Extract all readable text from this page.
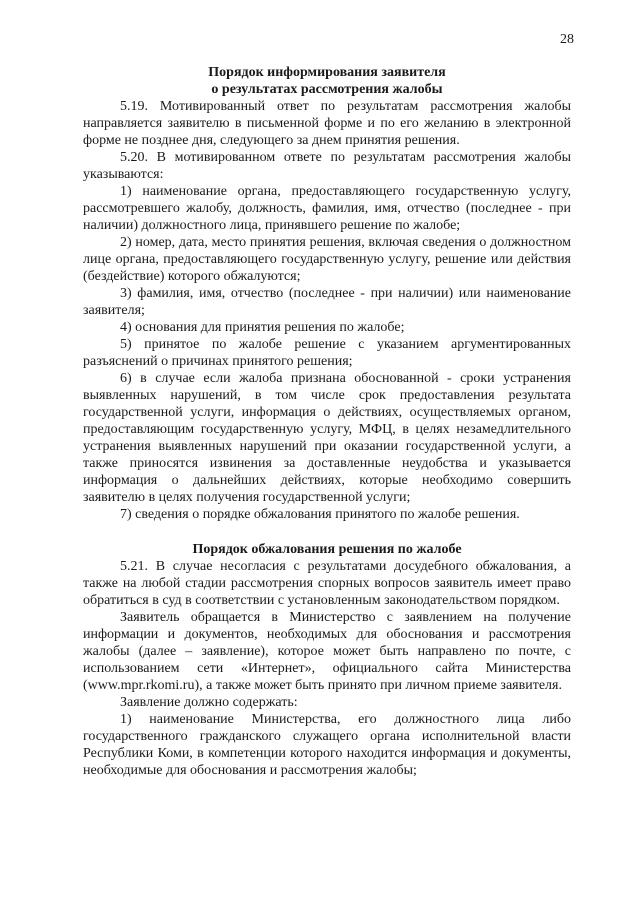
28
Порядок информирования заявителя
о результатах рассмотрения жалобы

5.19. Мотивированный ответ по результатам рассмотрения жалобы направляется заявителю в письменной форме и по его желанию в электронной форме не позднее дня, следующего за днем принятия решения.

5.20. В мотивированном ответе по результатам рассмотрения жалобы указываются:

1) наименование органа, предоставляющего государственную услугу, рассмотревшего жалобу, должность, фамилия, имя, отчество (последнее - при наличии) должностного лица, принявшего решение по жалобе;

2) номер, дата, место принятия решения, включая сведения о должностном лице органа, предоставляющего государственную услугу, решение или действия (бездействие) которого обжалуются;

3) фамилия, имя, отчество (последнее - при наличии) или наименование заявителя;

4) основания для принятия решения по жалобе;

5) принятое по жалобе решение с указанием аргументированных разъяснений о причинах принятого решения;

6) в случае если жалоба признана обоснованной - сроки устранения выявленных нарушений, в том числе срок предоставления результата государственной услуги, информация о действиях, осуществляемых органом, предоставляющим государственную услугу, МФЦ, в целях незамедлительного устранения выявленных нарушений при оказании государственной услуги, а также приносятся извинения за доставленные неудобства и указывается информация о дальнейших действиях, которые необходимо совершить заявителю в целях получения государственной услуги;

7) сведения о порядке обжалования принятого по жалобе решения.

Порядок обжалования решения по жалобе

5.21. В случае несогласия с результатами досудебного обжалования, а также на любой стадии рассмотрения спорных вопросов заявитель имеет право обратиться в суд в соответствии с установленным законодательством порядком.

Заявитель обращается в Министерство с заявлением на получение информации и документов, необходимых для обоснования и рассмотрения жалобы (далее – заявление), которое может быть направлено по почте, с использованием сети «Интернет», официального сайта Министерства (www.mpr.rkomi.ru), а также может быть принято при личном приеме заявителя.

Заявление должно содержать:

1) наименование Министерства, его должностного лица либо государственного гражданского служащего органа исполнительной власти Республики Коми, в компетенции которого находится информация и документы, необходимые для обоснования и рассмотрения жалобы;
